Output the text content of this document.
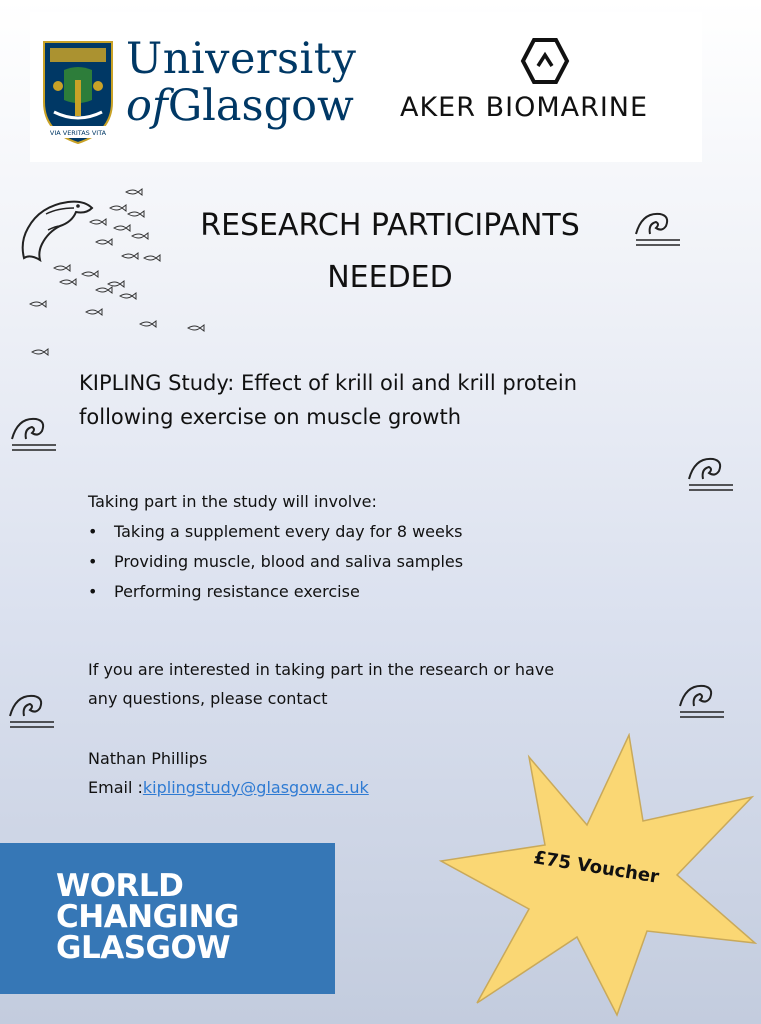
VIA VERITAS VITA
University
ofGlasgow AKER BIOMARINE
RESEARCH PARTICIPANTS
NEEDED
KIPLING Study: Effect of krill oil and krill protein
following exercise on muscle growth
Taking part in the study will involve:
• Taking a supplement every day for 8 weeks
• Providing muscle, blood and saliva samples
• Performing resistance exercise
If you are interested in taking part in the research or have
any questions, please contact
Nathan Phillips
Email :kiplingstudy@glasgow.ac.uk
WORLD
CHANGING
GLASGOW
£75 Voucher
